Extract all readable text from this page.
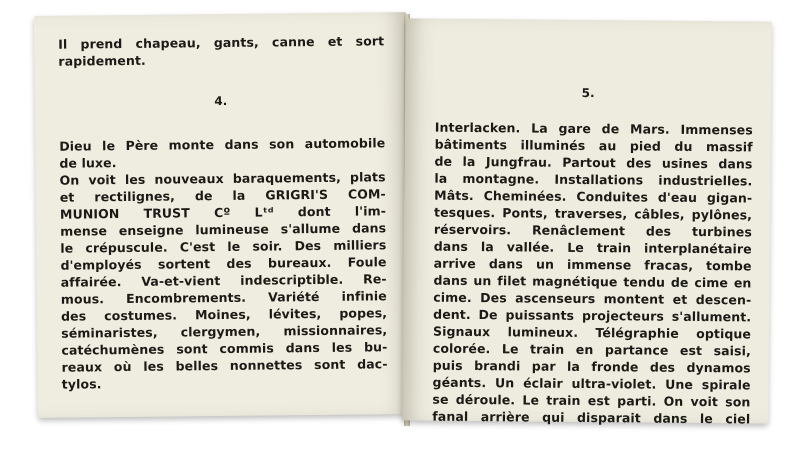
Il prend chapeau, gants, canne et sort
rapidement.
4.
Dieu le Père monte dans son automobile
de luxe.
On voit les nouveaux baraquements, plats
et rectilignes, de la GRIGRI'S COM-
MUNION TRUST Cº Lᵗᵈ dont l'im-
mense enseigne lumineuse s'allume dans
le crépuscule. C'est le soir. Des milliers
d'employés sortent des bureaux. Foule
affairée. Va-et-vient indescriptible. Re-
mous. Encombrements. Variété infinie
des costumes. Moines, lévites, popes,
séminaristes, clergymen, missionnaires,
catéchumènes sont commis dans les bu-
reaux où les belles nonnettes sont dac-
tylos.
5.
Interlacken. La gare de Mars. Immenses
bâtiments illuminés au pied du massif
de la Jungfrau. Partout des usines dans
la montagne. Installations industrielles.
Mâts. Cheminées. Conduites d'eau gigan-
tesques. Ponts, traverses, câbles, pylônes,
réservoirs. Renâclement des turbines
dans la vallée. Le train interplanétaire
arrive dans un immense fracas, tombe
dans un filet magnétique tendu de cime en
cime. Des ascenseurs montent et descen-
dent. De puissants projecteurs s'allument.
Signaux lumineux. Télégraphie optique
colorée. Le train en partance est saisi,
puis brandi par la fronde des dynamos
géants. Un éclair ultra-violet. Une spirale
se déroule. Le train est parti. On voit son
fanal arrière qui disparait dans le ciel
